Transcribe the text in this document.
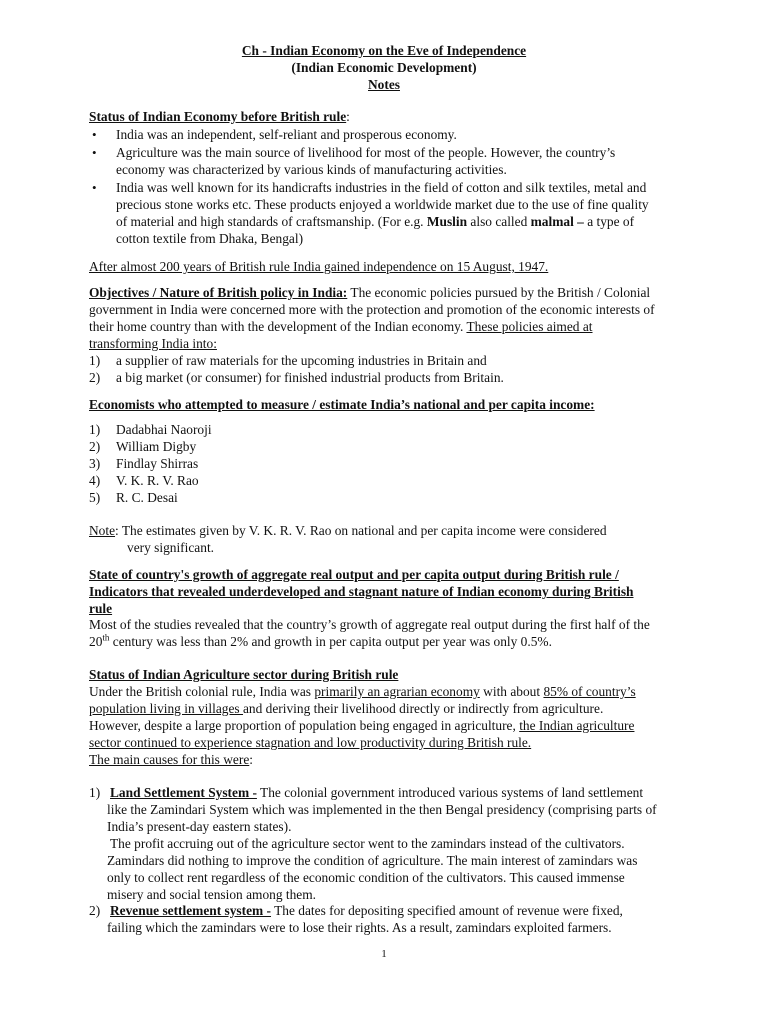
Ch - Indian Economy on the Eve of Independence
(Indian Economic Development)
Notes
Status of Indian Economy before British rule:
• India was an independent, self-reliant and prosperous economy.
• Agriculture was the main source of livelihood for most of the people. However, the country’s
economy was characterized by various kinds of manufacturing activities.
• India was well known for its handicrafts industries in the field of cotton and silk textiles, metal and
precious stone works etc. These products enjoyed a worldwide market due to the use of fine quality
of material and high standards of craftsmanship. (For e.g. Muslin also called malmal – a type of
cotton textile from Dhaka, Bengal)
After almost 200 years of British rule India gained independence on 15 August, 1947.
Objectives / Nature of British policy in India: The economic policies pursued by the British / Colonial
government in India were concerned more with the protection and promotion of the economic interests of
their home country than with the development of the Indian economy. These policies aimed at
transforming India into:
1) a supplier of raw materials for the upcoming industries in Britain and
2) a big market (or consumer) for finished industrial products from Britain.
Economists who attempted to measure / estimate India’s national and per capita income:
1) Dadabhai Naoroji
2) William Digby
3) Findlay Shirras
4) V. K. R. V. Rao
5) R. C. Desai
Note: The estimates given by V. K. R. V. Rao on national and per capita income were considered
very significant.
State of country's growth of aggregate real output and per capita output during British rule /
Indicators that revealed underdeveloped and stagnant nature of Indian economy during British
rule
Most of the studies revealed that the country’s growth of aggregate real output during the first half of the
20th century was less than 2% and growth in per capita output per year was only 0.5%.
Status of Indian Agriculture sector during British rule
Under the British colonial rule, India was primarily an agrarian economy with about 85% of country’s
population living in villages and deriving their livelihood directly or indirectly from agriculture.
However, despite a large proportion of population being engaged in agriculture, the Indian agriculture
sector continued to experience stagnation and low productivity during British rule.
The main causes for this were:
1) Land Settlement System - The colonial government introduced various systems of land settlement
like the Zamindari System which was implemented in the then Bengal presidency (comprising parts of
India’s present-day eastern states).
The profit accruing out of the agriculture sector went to the zamindars instead of the cultivators.
Zamindars did nothing to improve the condition of agriculture. The main interest of zamindars was
only to collect rent regardless of the economic condition of the cultivators. This caused immense
misery and social tension among them.
2) Revenue settlement system - The dates for depositing specified amount of revenue were fixed,
failing which the zamindars were to lose their rights. As a result, zamindars exploited farmers.
1
